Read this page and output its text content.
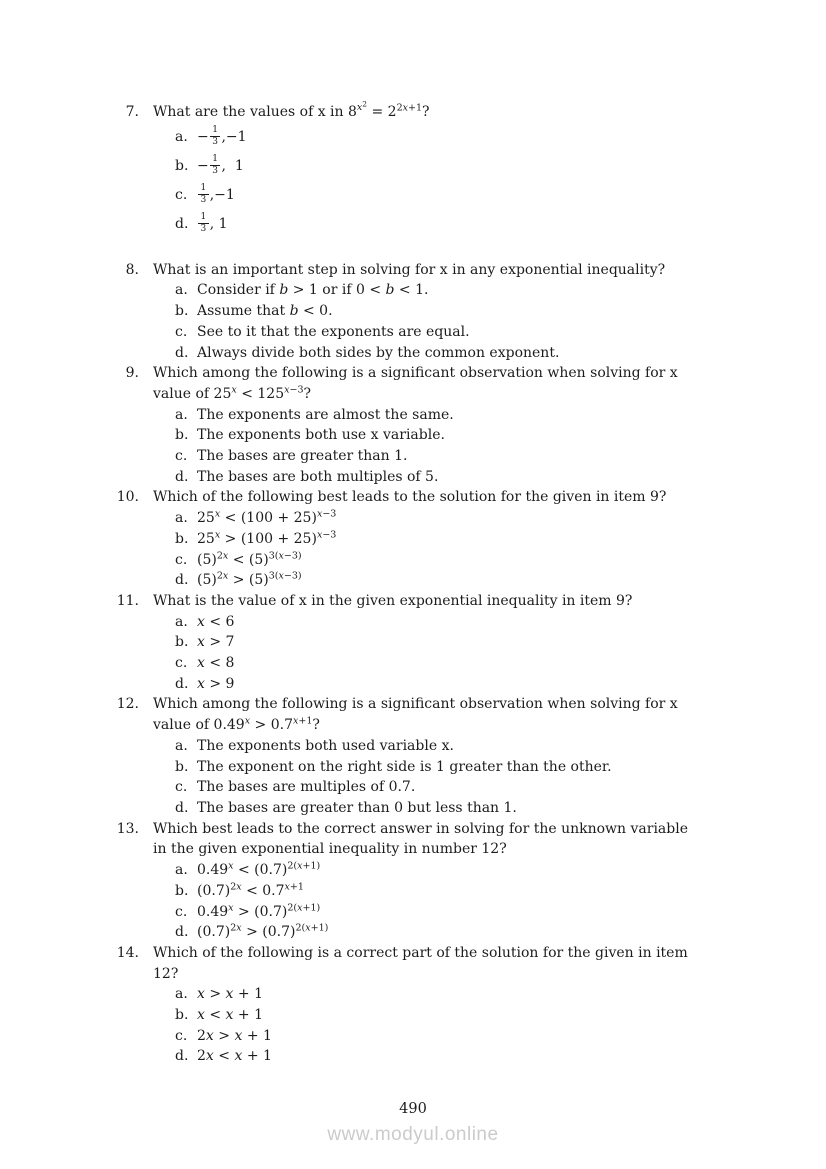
7. What are the values of x in $8^{x^2} = 2^{2x+1}$?
a. − $\frac{1}{3} ,-1$
b. − $\frac{1}{3}$ ,  1
c.	$\frac{1}{3} ,-1$
d.	$\frac{1}{3}$ , 1
8. What is an important step in solving for x in any exponential inequality?
a. Consider if b > 1 or if 0 < b < 1.
b. Assume that b < 0.
c. See to it that the exponents are equal.
d. Always divide both sides by the common exponent.
9. Which among the following is a significant observation when solving for x
value of $25^x < 125^{x-3}$?
a. The exponents are almost the same.
b. The exponents both use x variable.
c. The bases are greater than 1.
d. The bases are both multiples of 5.
10. Which of the following best leads to the solution for the given in item 9?
a. $25^x < (100 + 25)^{x-3}$
b. $25^x > (100 + 25)^{x-3}$
c. $(5)^{2x} < (5)^{3(x-3)}$
d. $(5)^{2x} > (5)^{3(x-3)}$
11. What is the value of x in the given exponential inequality in item 9?
a. x < 6
b. x > 7
c. x < 8
d. x > 9
12. Which among the following is a significant observation when solving for x
value of $0.49^x > 0.7^{x+1}$?
a. The exponents both used variable x.
b. The exponent on the right side is 1 greater than the other.
c. The bases are multiples of 0.7.
d. The bases are greater than 0 but less than 1.
13. Which best leads to the correct answer in solving for the unknown variable
in the given exponential inequality in number 12?
a. $0.49^x < (0.7)^{2(x+1)}$
b. $(0.7)^{2x} < 0.7^{x+1}$
c. $0.49^x > (0.7)^{2(x+1)}$
d. $(0.7)^{2x} > (0.7)^{2(x+1)}$
14. Which of the following is a correct part of the solution for the given in item
12?
a. x > x + 1
b. x < x + 1
c. 2x > x + 1
d. 2x < x + 1
490
www.modyul.online
